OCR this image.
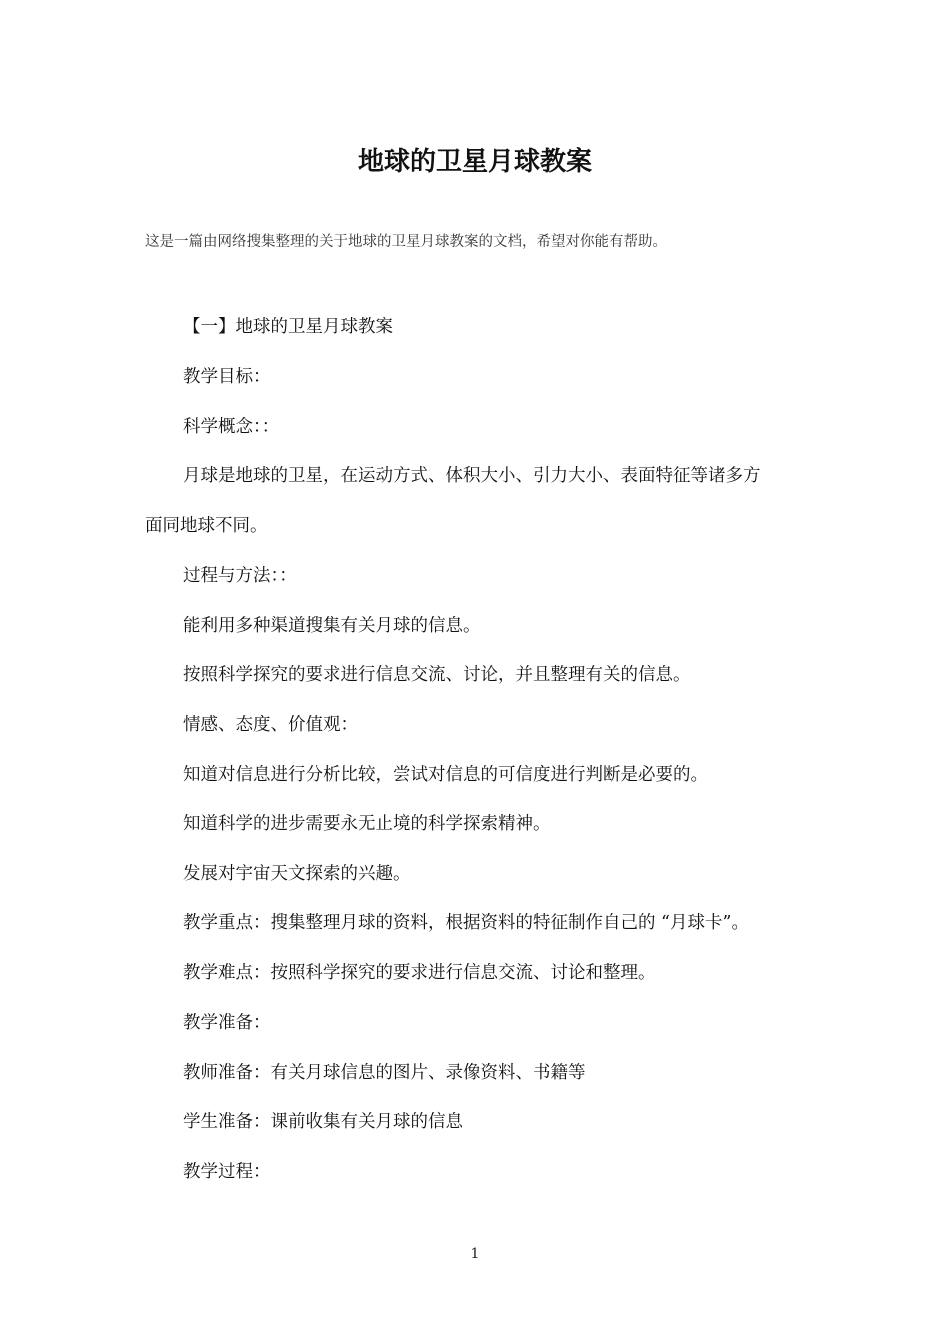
地球的卫星月球教案
这是一篇由网络搜集整理的关于地球的卫星月球教案的文档，希望对你能有帮助。
【一】地球的卫星月球教案
教学目标：
科学概念：：
月球是地球的卫星，在运动方式、体积大小、引力大小、表面特征等诸多方
面同地球不同。
过程与方法：：
能利用多种渠道搜集有关月球的信息。
按照科学探究的要求进行信息交流、讨论，并且整理有关的信息。
情感、态度、价值观：
知道对信息进行分析比较，尝试对信息的可信度进行判断是必要的。
知道科学的进步需要永无止境的科学探索精神。
发展对宇宙天文探索的兴趣。
教学重点：搜集整理月球的资料，根据资料的特征制作自己的 “月球卡”。
教学难点：按照科学探究的要求进行信息交流、讨论和整理。
教学准备：
教师准备：有关月球信息的图片、录像资料、书籍等
学生准备：课前收集有关月球的信息
教学过程：
1
